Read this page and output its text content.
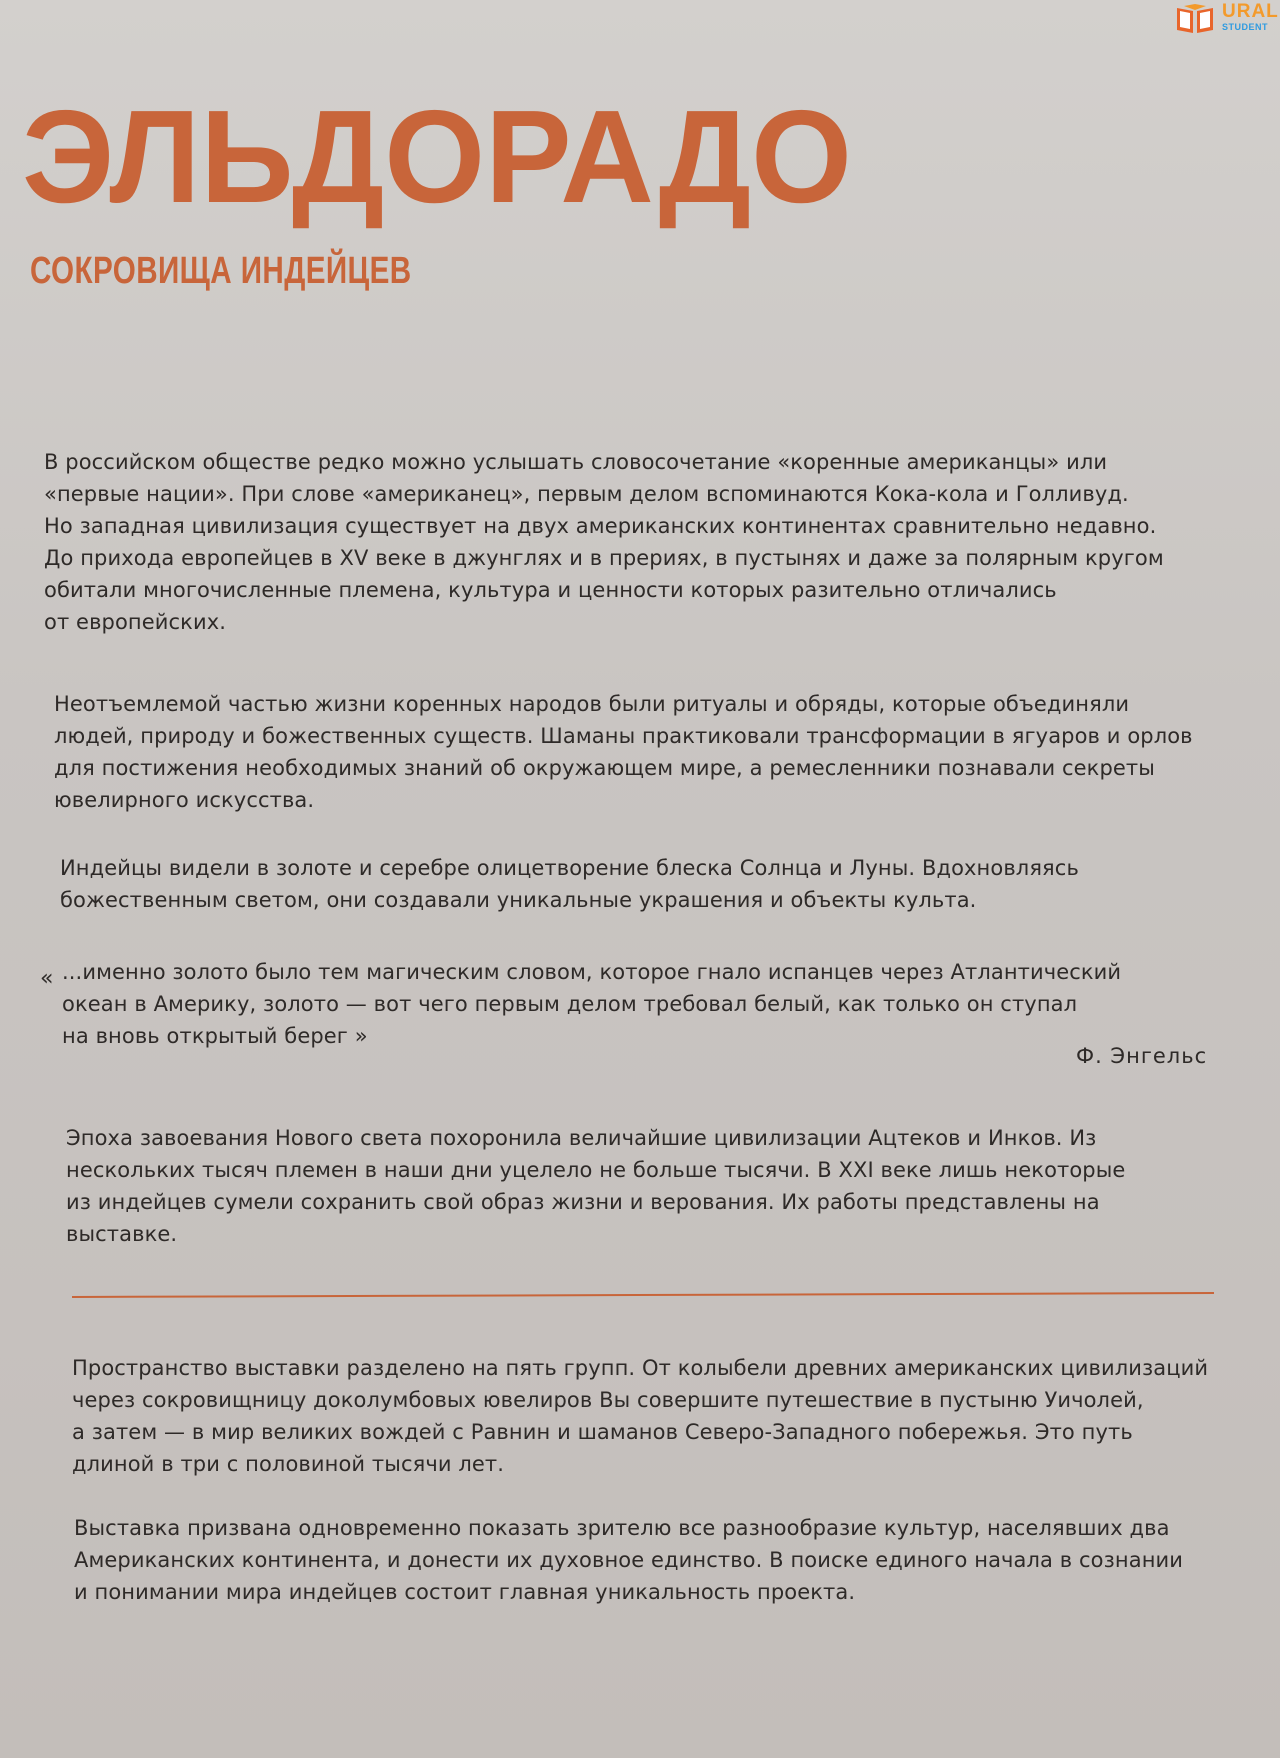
URAL
STUDENT
ЭЛЬДОРАДО
СОКРОВИЩА ИНДЕЙЦЕВ

В российском обществе редко можно услышать словосочетание «коренные американцы» или
«первые нации». При слове «американец», первым делом вспоминаются Кока-кола и Голливуд.
Но западная цивилизация существует на двух американских континентах сравнительно недавно.
До прихода европейцев в XV веке в джунглях и в прериях, в пустынях и даже за полярным кругом
обитали многочисленные племена, культура и ценности которых разительно отличались
от европейских.

Неотъемлемой частью жизни коренных народов были ритуалы и обряды, которые объединяли
людей, природу и божественных существ. Шаманы практиковали трансформации в ягуаров и орлов
для постижения необходимых знаний об окружающем мире, а ремесленники познавали секреты
ювелирного искусства.

Индейцы видели в золоте и серебре олицетворение блеска Солнца и Луны. Вдохновляясь
божественным светом, они создавали уникальные украшения и объекты культа.

« ...именно золото было тем магическим словом, которое гнало испанцев через Атлантический
океан в Америку, золото — вот чего первым делом требовал белый, как только он ступал
на вновь открытый берег »

Ф. Энгельс

Эпоха завоевания Нового света похоронила величайшие цивилизации Ацтеков и Инков. Из
нескольких тысяч племен в наши дни уцелело не больше тысячи. В XXI веке лишь некоторые
из индейцев сумели сохранить свой образ жизни и верования. Их работы представлены на
выставке.

Пространство выставки разделено на пять групп. От колыбели древних американских цивилизаций
через сокровищницу доколумбовых ювелиров Вы совершите путешествие в пустыню Уичолей,
а затем — в мир великих вождей с Равнин и шаманов Северо-Западного побережья. Это путь
длиной в три с половиной тысячи лет.

Выставка призвана одновременно показать зрителю все разнообразие культур, населявших два
Американских континента, и донести их духовное единство. В поиске единого начала в сознании
и понимании мира индейцев состоит главная уникальность проекта.
